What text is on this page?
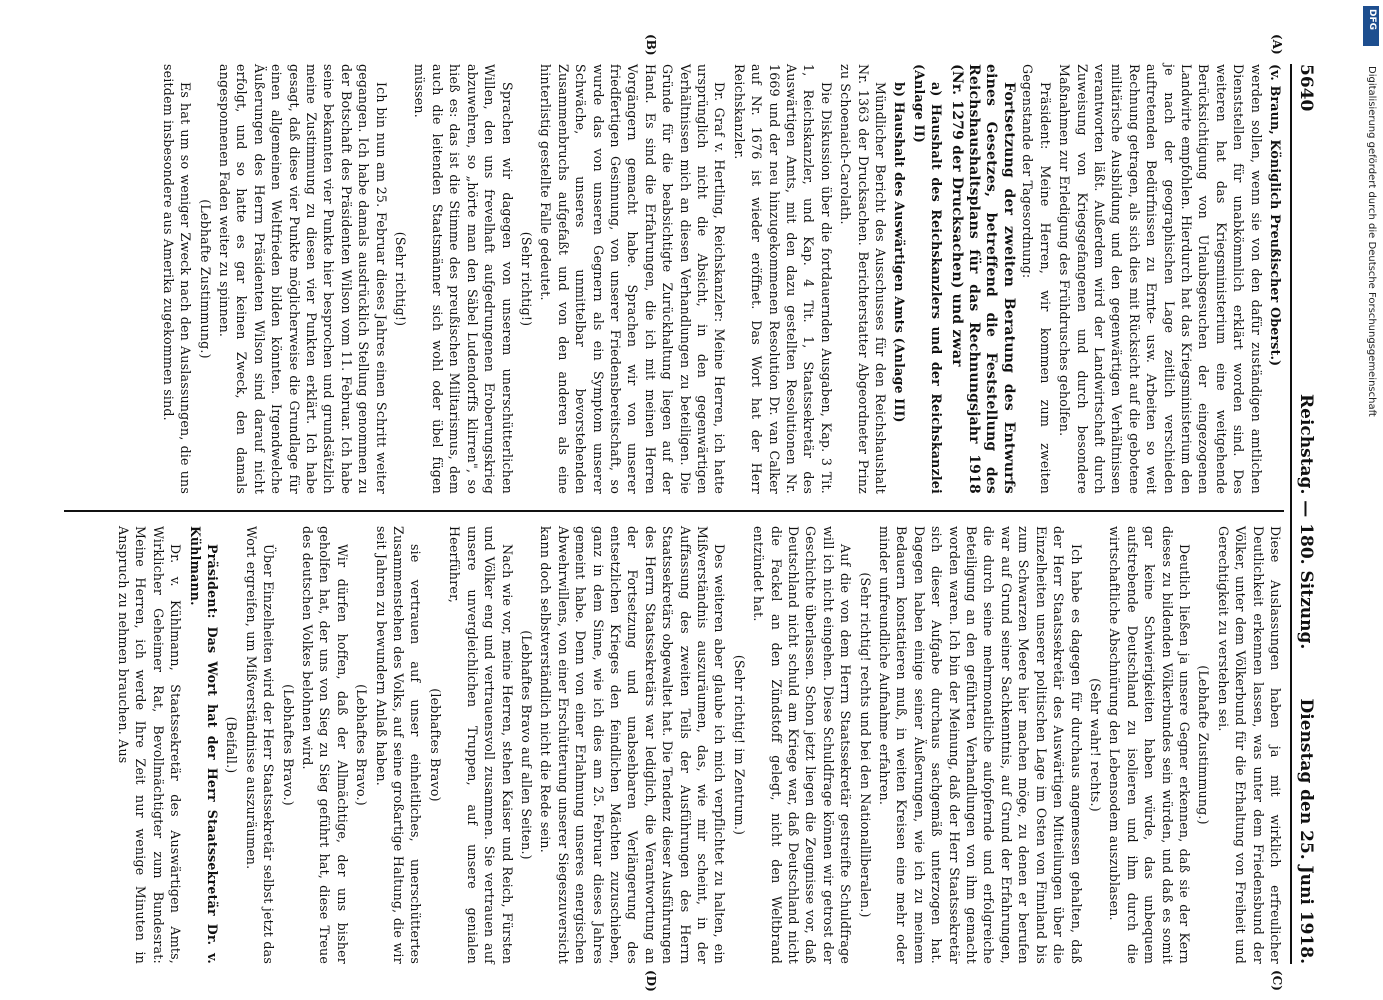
5640
Reichstag. — 180. Sitzung.
Dienstag den 25. Juni 1918.

(v. Braun, Königlich Preußischer Oberst.)

werden sollen, wenn sie von den dafür zuständigen amtlichen Dienststellen für unabkömmlich erklärt worden sind. Des weiteren hat das Kriegsministerium eine weitgehende Berücksichtigung von Urlaubsgesuchen der eingezogenen Landwirte empfohlen. Hierdurch hat das Kriegsministerium den je nach der geographischen Lage zeitlich verschieden auftretenden Bedürfnissen zu Ernte- usw. Arbeiten so weit Rechnung getragen, als sich dies mit Rücksicht auf die gebotene militärische Ausbildung und den gegenwärtigen Verhältnissen verantworten läßt. Außerdem wird der Landwirtschaft durch Zuweisung von Kriegsgefangenen und durch besondere Maßnahmen zur Erledigung des Frühdrusches geholfen.

Präsident: Meine Herren, wir kommen zum zweiten Gegenstande der Tagesordnung:

Fortsetzung der zweiten Beratung des Entwurfs eines Gesetzes, betreffend die Feststellung des Reichshaushaltsplans für das Rechnungsjahr 1918 (Nr. 1279 der Drucksachen) und zwar

a) Haushalt des Reichskanzlers und der Reichskanzlei (Anlage II)

b) Haushalt des Auswärtigen Amts (Anlage III)

Mündlicher Bericht des Ausschusses für den Reichshaushalt Nr. 1363 der Drucksachen. Berichterstatter Abgeordneter Prinz zu Schoenaich-Carolath.

Die Diskussion über die fortdauernden Ausgaben, Kap. 3 Tit. 1, Reichskanzler, und Kap. 4 Tit. 1, Staatssekretär des Auswärtigen Amts, mit den dazu gestellten Resolutionen Nr. 1669 und der neu hinzugekommenen Resolution Dr. van Calker auf Nr. 1676 ist wieder eröffnet. Das Wort hat der Herr Reichskanzler.

Dr. Graf v. Hertling, Reichskanzler: Meine Herren, ich hatte ursprünglich nicht die Absicht, in den gegenwärtigen Verhältnissen mich an diesen Verhandlungen zu beteiligen. Die Gründe für die beabsichtigte Zurückhaltung liegen auf der Hand. Es sind die Erfahrungen, die ich mit meinen Herren Vorgängern gemacht habe. Sprachen wir von unserer friedfertigen Gesinnung, von unserer Friedensbereitschaft, so wurde das von unseren Gegnern als ein Symptom unserer Schwäche, unseres unmittelbar bevorstehenden Zusammenbruchs aufgefaßt und von den anderen als eine hinterlistig gestellte Falle gedeutet.

(Sehr richtig!)

Sprachen wir dagegen von unserem unerschütterlichen Willen, den uns frevelhaft aufgedrungenen Eroberungskrieg abzuwehren, so „hörte man den Säbel Ludendorffs klirren", so hieß es: das ist die Stimme des preußischen Militarismus, dem auch die leitenden Staatsmänner sich wohl oder übel fügen müssen.

(Sehr richtig!)

Ich bin nun am 25. Februar dieses Jahres einen Schritt weiter gegangen. Ich habe damals ausdrücklich Stellung genommen zu der Botschaft des Präsidenten Wilson vom 11. Februar. Ich habe seine bekannten vier Punkte hier besprochen und grundsätzlich meine Zustimmung zu diesen vier Punkten erklärt. Ich habe gesagt, daß diese vier Punkte möglicherweise die Grundlage für einen allgemeinen Weltfrieden bilden könnten. Irgendwelche Äußerungen des Herrn Präsidenten Wilson sind darauf nicht erfolgt, und so hatte es gar keinen Zweck, den damals angesponnenen Faden weiter zu spinnen.

(Lebhafte Zustimmung.)

Es hat um so weniger Zweck nach den Auslassungen, die uns seitdem insbesondere aus Amerika zugekommen sind.

Diese Auslassungen haben ja mit wirklich erfreulicher Deutlichkeit erkennen lassen, was unter dem Friedensbund der Völker, unter dem Völkerbund für die Erhaltung von Freiheit und Gerechtigkeit zu verstehen sei.

(Lebhafte Zustimmung.)

Deutlich ließen ja unsere Gegner erkennen, daß sie der Kern dieses zu bildenden Völkerbundes sein würden, und daß es somit gar keine Schwierigkeiten haben würde, das unbequem aufstrebende Deutschland zu isolieren und ihm durch die wirtschaftliche Abschnürung den Lebensodem auszublasen.

(Sehr wahr! rechts.)

Ich habe es dagegen für durchaus angemessen gehalten, daß der Herr Staatssekretär des Auswärtigen Mitteilungen über die Einzelheiten unserer politischen Lage im Osten von Finnland bis zum Schwarzen Meere hier machen möge, zu denen er berufen war auf Grund seiner Sachkenntnis, auf Grund der Erfahrungen, die durch seine mehrmonatliche aufopfernde und erfolgreiche Beteiligung an den geführten Verhandlungen von ihm gemacht worden waren. Ich bin der Meinung, daß der Herr Staatssekretär sich dieser Aufgabe durchaus sachgemäß unterzogen hat. Dagegen haben einige seiner Äußerungen, wie ich zu meinem Bedauern konstatieren muß, in weiten Kreisen eine mehr oder minder unfreundliche Aufnahme erfahren.

(Sehr richtig! rechts und bei den Nationalliberalen.)

Auf die von dem Herrn Staatssekretär gestreifte Schuldfrage will ich nicht eingehen. Diese Schuldfrage können wir getrost der Geschichte überlassen. Schon jetzt liegen die Zeugnisse vor, daß Deutschland nicht schuld am Kriege war, daß Deutschland nicht die Fackel an den Zündstoff gelegt, nicht den Weltbrand entzündet hat.

(Sehr richtig! im Zentrum.)

Des weiteren aber glaube ich mich verpflichtet zu halten, ein Mißverständnis auszuräumen, das, wie mir scheint, in der Auffassung des zweiten Teils der Ausführungen des Herrn Staatssekretärs obgewaltet hat. Die Tendenz dieser Ausführungen des Herrn Staatssekretärs war lediglich, die Verantwortung an der Fortsetzung und unabsehbaren Verlängerung des entsetzlichen Krieges den feindlichen Mächten zuzuschieben, ganz in dem Sinne, wie ich dies am 25. Februar dieses Jahres gemeint habe. Denn von einer Erlahmung unseres energischen Abwehrwillens, von einer Erschütterung unserer Siegeszuversicht kann doch selbstverständlich nicht die Rede sein.

(Lebhaftes Bravo auf allen Seiten.)

Nach wie vor, meine Herren, stehen Kaiser und Reich, Fürsten und Völker eng und vertrauensvoll zusammen. Sie vertrauen auf unsere unvergleichlichen Truppen, auf unsere genialen Heerführer,

(lebhaftes Bravo)

sie vertrauen auf unser einheitliches, unerschüttertes Zusammenstehen des Volks, auf seine großartige Haltung, die wir seit Jahren zu bewundern Anlaß haben.

(Lebhaftes Bravo.)

Wir dürfen hoffen, daß der Allmächtige, der uns bisher geholfen hat, der uns von Sieg zu Sieg geführt hat, diese Treue des deutschen Volkes belohnen wird.

(Lebhaftes Bravo.)

Über Einzelheiten wird der Herr Staatssekretär selbst jetzt das Wort ergreifen, um Mißverständnisse auszuräumen.

(Beifall.)

Präsident: Das Wort hat der Herr Staatssekretär Dr. v. Kühlmann.

Dr. v. Kühlmann, Staatssekretär des Auswärtigen Amts, Wirklicher Geheimer Rat, Bevollmächtigter zum Bundesrat: Meine Herren, ich werde Ihre Zeit nur wenige Minuten in Anspruch zu nehmen brauchen. Aus

(A)
(B)
(C)
(D)
Digitalisierung gefördert durch die Deutsche Forschungsgemeinschaft
DFG
